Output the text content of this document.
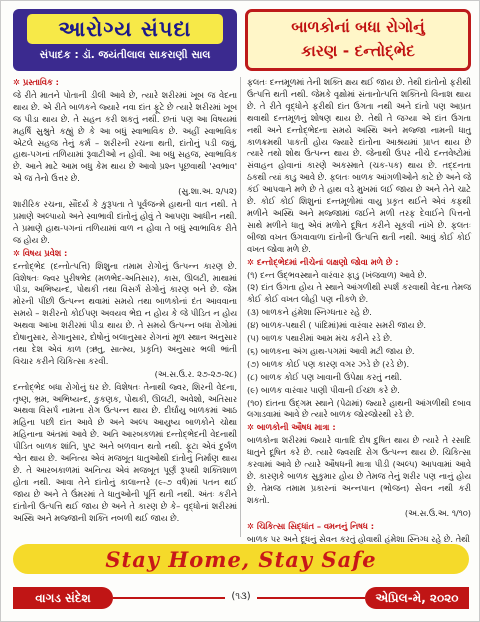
આરોગ્ય સંપદા
સંપાદક : ડૉ. જયંતીલાલ સાકરાણી સાલ
બાળકોનાં બધા રોગોનું
કારણ - દન્તોદ્ભેદ

✲ પ્રસ્તાવિક :

જે રીતે માતને પોતાની ડીલી આવે છે, ત્યારે શરીરમાં ખૂબ જ વેદના થાય છે. એ રીતે બાળકને જ્યારે નવા દાંત ફૂટે છે ત્યારે શરીરમાં ખૂબ જ પીડા થાય છે. તે સહન કરી શકતું નથી. છતાં પણ આ વિષયમાં મહર્ષિ સુશ્રુતે કહ્યું છે કે આ બધું સ્વાભાવિક છે. અહીં સ્વાભાવિક એટલે સહજ તેનું કર્મ – શરીરની રચના થતી, દાંતોનું પડી જવું, હાથ-પગનાં તળિયામાં રૂવાટીઓ ન હોવી. આ બધુ સહજ, સ્વાભાવિક છે. આને માટે આમ બધુ કેમ થાય છે આવો પ્રશ્ન પૂછવાથી 'સ્વભાવ' એ જ તેનો ઉત્તર છે.

(સુ.શા.અ. ૨/૫૨)

શારીરિક રચના, સૌંદર્ય કે કુરૂપતા તે પૂર્વજન્મે હાથની વાત નથી. તે પ્રમાણે અલ્પાયો અને સ્વાભાવી દાંતોનું હોવું તે આપણા આધીન નથી. તે પ્રમાણે હાથ-પગનાં તળિયામાં વાળ ન હોવા તે બધું સ્વાભાવિક રીતે જ હોય છે.

✲ વિષય પ્રવેશ :

દન્તોદ્ભેદ (દન્તોત્પત્તિ) શિશુના તમામ રોગોનું ઉત્પન્ન કારણ છે. વિશેષતઃ જ્વર પુરીષભેદ (મળભેદ-અતિસાર), કાસ, ઊલટી, માથામાં પીડા, અભિષ્યન્દ, પોથકી તથા વિસર્ગ રોગોનું કારણ બને છે. જેમ મોરની પીંછી ઉત્પન્ન થવામાં સમયે તથા બાળકોનાં દંત આવવાના સમયે – શરીરનો કોઈપણ અવયવ ભેદ્ય ન હોય કે જે પીડિત ન હોય અથવા આખા શરીરમાં પીડા થાય છે. તે સમયે ઉત્પન્ન બધા રોગોમાં દોષાનુસાર, રોગાનુસાર, દોષોનું બલાનુસાર રોગનાં મૂળ સ્થાન અનુસાર તથા દેશ એવં કાળ (ઋતુ, સાત્મ્ય, પ્રકૃતિ) અનુસાર ભલી ભાંતી વિચાર કરીને ચિકિત્સા કરવી.

(અ.સ.ઉ.ર. ૨૭-૨૭-૨૮)

દન્તોદ્ભેદ બધા રોગોનું ઘર છે. વિશેષતઃ તેનાથી જ્વર, શિરની વેદના, તૃષ્ણ, ભ્રમ, અભિષ્યન્દ, કુકણક, પોથકી, ઊલટી, અવેશો, અતિસાર અથવા વિસર્પ નામના રોગ ઉત્પન્ન થાય છે. દીર્ઘાયુ બાળકમાં આઠ મહિના પછી દાંત આવે છે અને અલ્પ આયુષ્ય બાળકોને ચોથા મહિનાના અંતમાં આવે છે. અતિ આરબકળમાં દન્તોદ્ભેદની વેદનાથી પીડિત બાળક શાંતિ, પુષ્ટ અને બળવાન થતો નથી. ફૂટા એવં દુર્બળ શ્વેત થાય છે. અનિત્ય એવં મજબૂત ધાતુઓથી દાંતોનું નિર્માણ થાય છે. તે આરબકાળમાં અનિત્ય એવં મજબૂત પૂર્ણ રૂપથી શક્તિશાળ હોતા નથી. આવા તેને દાંતોનું કાલાન્તરે (૯-૭ વર્ષ)માં પતન થઈ જાય છે અને તે ઉંમરમાં તે ધાતુઓની પૂર્તિ થતી નથી. અંતઃ કરીને દાંતોની ઉત્પત્તિ થઈ જાય છે અને તે કારણ છે કે– વૃદ્ધોનાં શરીરમાં અસ્થિ અને મજ્જાની શક્તિ નબળી થઈ જાય છે.

ફલતઃ દન્તમૂળમાં તેની શક્તિ ક્ષય થઈ જાય છે. તેથી દાંતોનો ફરીથી ઉત્પત્તિ થતી નથી. જેમકે વૃક્ષોમાં સંતાનોત્પત્તિ શક્તિનો વિનાશ થાય છે. તે રીતે વૃદ્ધોને ફરીથી દાંત ઉગતા નથી અને દાંતો પણ આપ્રત થવાથી દન્તમૂળનું શોષણ થાય છે. તેથી તે જગ્યા એ દાંત ઉગતા નથી અને દન્તોદ્ભેદના સમયે અસ્થિ અને મજ્જા નામની ધાતુ કાળક્રમથી પાકતી હોય જ્યારે દાંતોના આશ્રયમાં પ્રાપ્ત થાય છે ત્યારે તથો શોથ ઉત્પન્ન થાય છે. જેનાથી ઉપર નીચે દન્તવેષ્ટોમાં સંવાહન હોવાનાં કારણે અકસ્માતે (ચક-પક) થાય છે. તદ્દનતા ઠકથી ત્યાં કાડુ આવે છે. ફલતઃ બાળક આંગળીઓને કાટે છે અને જે કંઈ આપવાને મળે છે તે હાથ વડે મુખમાં લઈ જાય છે અને તેને ચાટે છે. કોઈ કોઈ શિશુનાં દન્તમૂળોમાં વાયુ પ્રકૃત થઈને એવં કફથી મળીને અસ્થિ અને મજ્જામાં જઈને મળી તરફ દેવાઈને પિત્તનો સાથે મળીને ધાતુ એવં મળોને દૂષિત કરીને સૂકવી નાંખે છે. ફલતઃ બીજા વખત ઉગવાવાળા દાંતોની ઉત્પત્તિ થતી નથી. આવું કોઈ કોઈ વખત જોવા મળે છે.

✲ દન્તોદ્ભેદમાં નીચેનાં લક્ષણો જોવા મળે છે :

(૧) દન્ત ઉદ્ભવસ્થાને વારંવાર ફાડુ (ખંજવાળ) આવે છે.

(૨) દાંત ઉગતા હોય તે સ્થાને આંગળીથી સ્પર્શ કરવાથી વેદના તેમજ કોઈ કોઈ વખત લોહી પણ નીકળે છે.

(૩) બાળકને હંમેશા સ્નિગ્ધતાર રહે છે.

(૪) બાળક-પથારી ( પાંદિમાં)માં વારંવાર સમરી જાય છે.

(૫) બાળક પથારીમાં આમ મંચ કરીને રડે છે.

(૬) બાળકના અંગ હાથ-પગમાં આવી મટી જાય છે.

(૭) બાળક કોઈ પણ કારણ વગર ઝડે છે (રડે છે).

(૮) બાળક કોઈ પણ ખાવાની ઉપેક્ષા કરતું નથી.

(૯) બાળક વારંવાર પાણી પીવાની ઈચ્છા કરે છે.

(૧૦) દાંતના ઉદ્ગમ સ્થાને (પેઢામાં) જ્યારે હાથની આંગળીથી દબાવ લગાડવામાં આવે છે ત્યારે બાળક જોરજોરથી રડે છે.

✲ બાળકોની ઔષધ માત્રા :

બાળકોના શરીરમાં જ્યારે વાતાદિ દોષ દુષિત થાય છે ત્યારે તે રસાદિ ધાતુને દૂષિત કરે છે. ત્યારે જ્વરાદિ રોગ ઉત્પન્ન થાય છે. ચિકિત્સા કરવામાં આવે છે ત્યારે ઔષધની માત્રા પીડી (અલ્પ) આપવામાં આવે છે. કારણકે બાળક સુકુમાર હોય છે તેમજ તેનું શરીર પણ નાનું હોય છે. તેમજ તમામ પ્રકારનાં અન્નપાન (ભોજન) સેવન નથી કરી શકતો.

(અ.સ.ઉ.અ. ૧/૧૦)

✲ ચિકિત્સા સિદ્ધાંત – વમનનું નિષધ :

બાળક પર અને દૂધનું સેવન કરતું હોવાથી હંમેશા સ્નિગ્ધ રહે છે. તેથી

Stay Home, Stay Safe
વાગડ સંદેશ	(૧૩)	એપ્રિલ-મે, ૨૦૨૦
